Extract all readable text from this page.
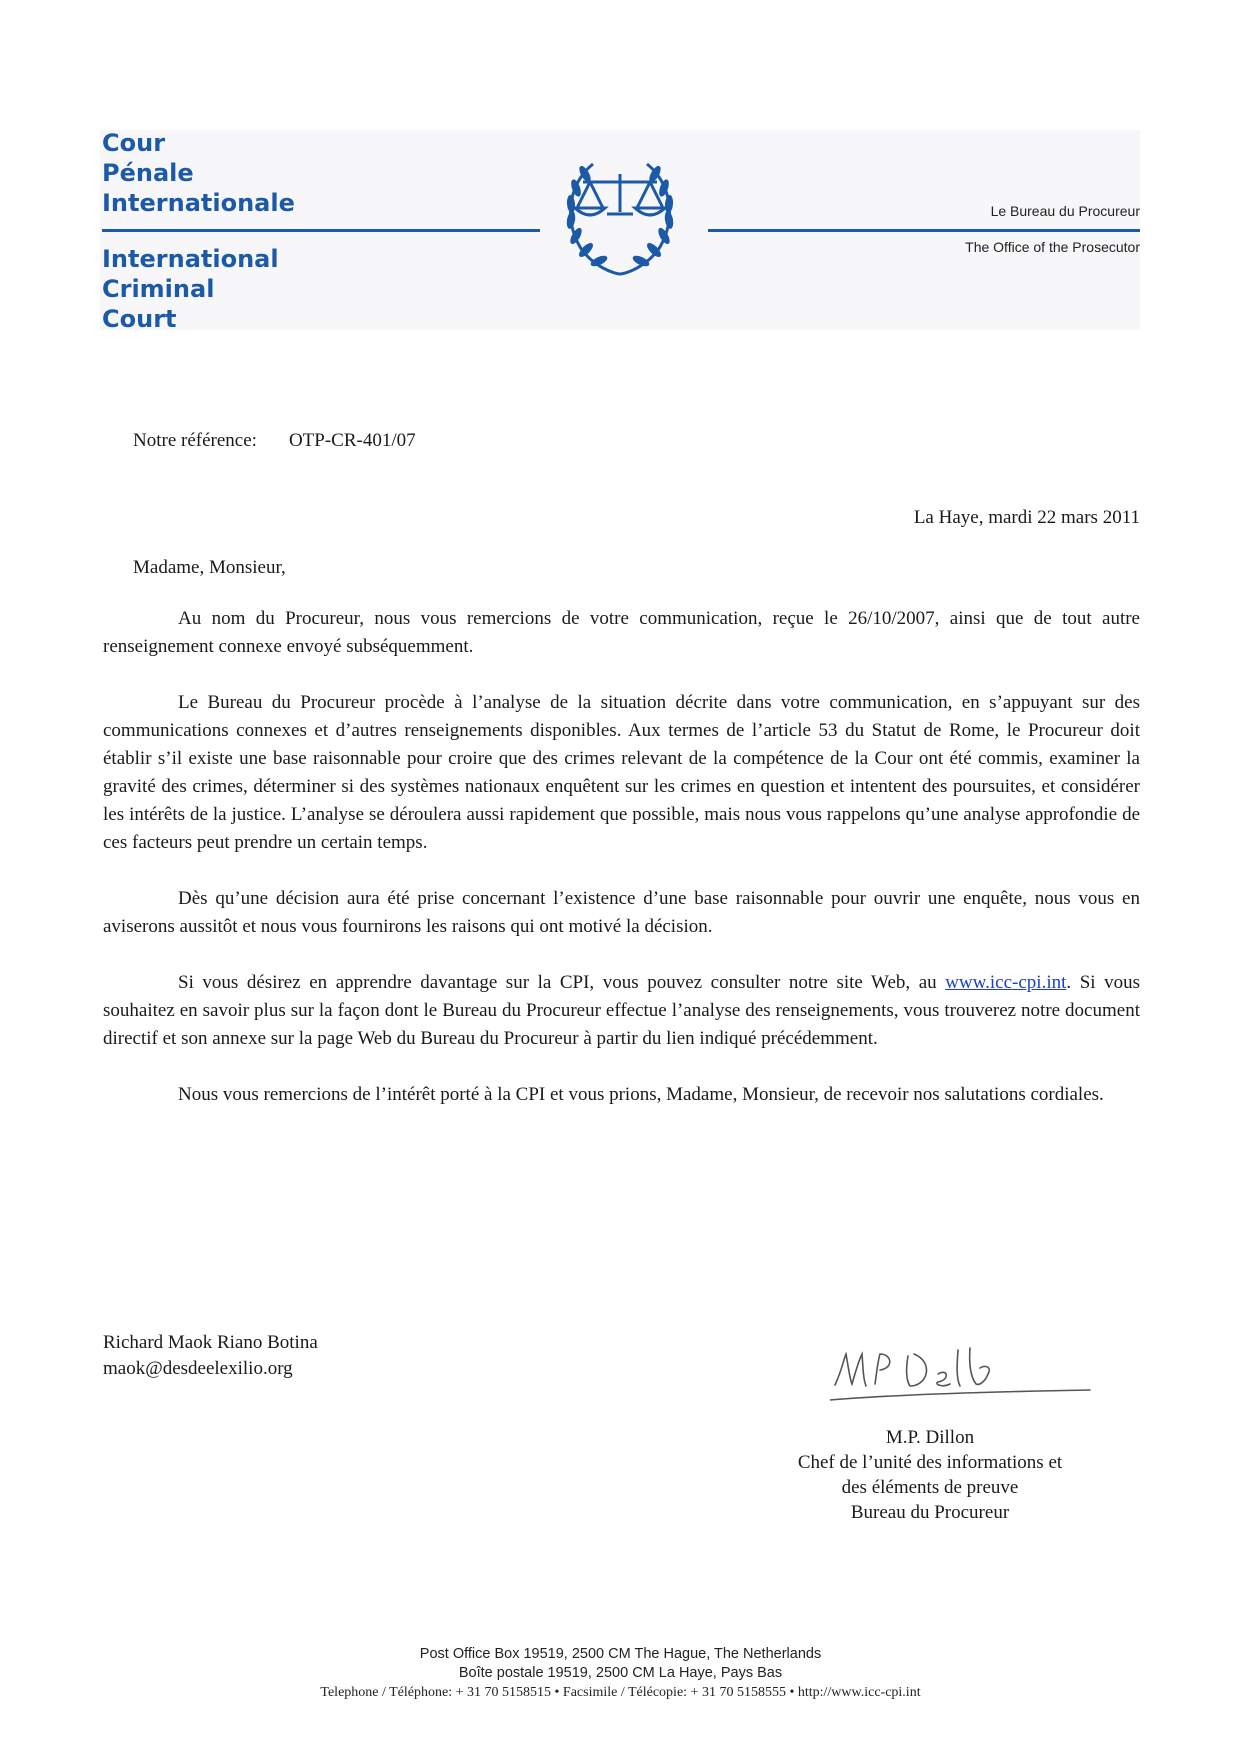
Cour
Pénale
Internationale
International
Criminal
Court
Le Bureau du Procureur
The Office of the Prosecutor
Notre référence: OTP-CR-401/07
La Haye, mardi 22 mars 2011
Madame, Monsieur,

Au nom du Procureur, nous vous remercions de votre communication, reçue le 26/10/2007, ainsi que de tout autre renseignement connexe envoyé subséquemment.

Le Bureau du Procureur procède à l’analyse de la situation décrite dans votre communication, en s’appuyant sur des communications connexes et d’autres renseignements disponibles. Aux termes de l’article 53 du Statut de Rome, le Procureur doit établir s’il existe une base raisonnable pour croire que des crimes relevant de la compétence de la Cour ont été commis, examiner la gravité des crimes, déterminer si des systèmes nationaux enquêtent sur les crimes en question et intentent des poursuites, et considérer les intérêts de la justice. L’analyse se déroulera aussi rapidement que possible, mais nous vous rappelons qu’une analyse approfondie de ces facteurs peut prendre un certain temps.

Dès qu’une décision aura été prise concernant l’existence d’une base raisonnable pour ouvrir une enquête, nous vous en aviserons aussitôt et nous vous fournirons les raisons qui ont motivé la décision.

Si vous désirez en apprendre davantage sur la CPI, vous pouvez consulter notre site Web, au www.icc-cpi.int. Si vous souhaitez en savoir plus sur la façon dont le Bureau du Procureur effectue l’analyse des renseignements, vous trouverez notre document directif et son annexe sur la page Web du Bureau du Procureur à partir du lien indiqué précédemment.

Nous vous remercions de l’intérêt porté à la CPI et vous prions, Madame, Monsieur, de recevoir nos salutations cordiales.

Richard Maok Riano Botina
maok@desdeelexilio.org
M.P. Dillon
Chef de l’unité des informations et
des éléments de preuve
Bureau du Procureur
Post Office Box 19519, 2500 CM The Hague, The Netherlands
Boîte postale 19519, 2500 CM La Haye, Pays Bas
Telephone / Téléphone: + 31 70 5158515 • Facsimile / Télécopie: + 31 70 5158555 • http://www.icc-cpi.int
